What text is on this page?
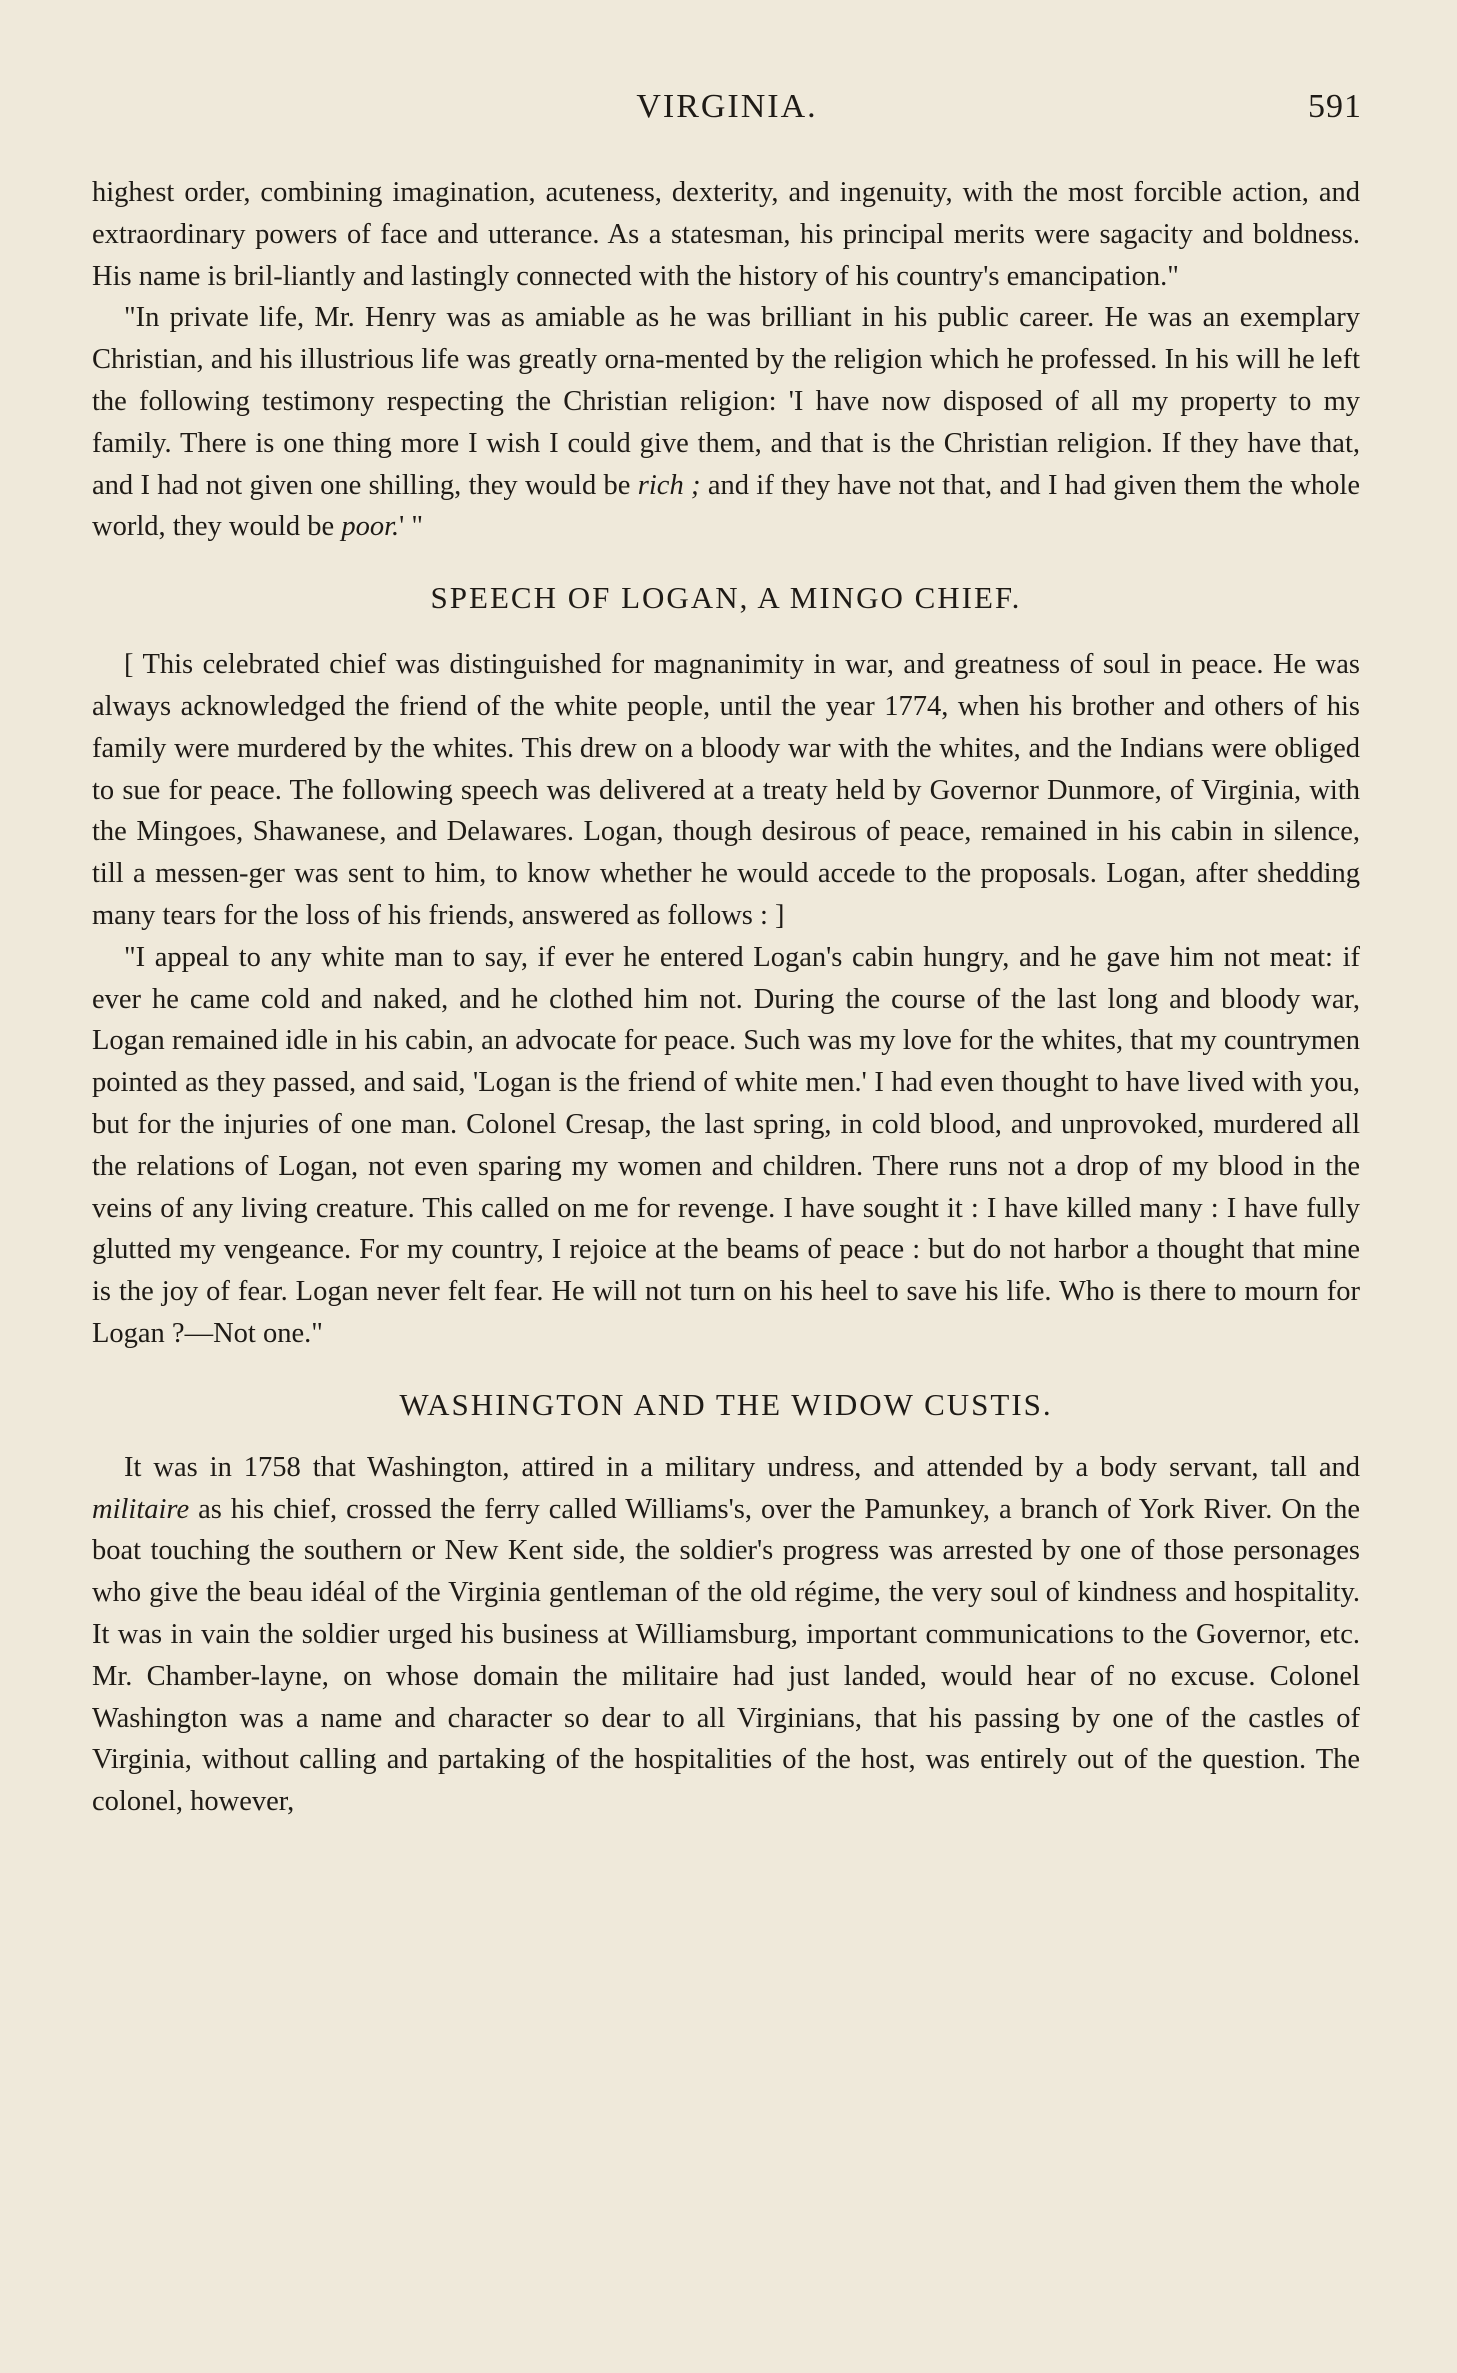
VIRGINIA.	591

highest order, combining imagination, acuteness, dexterity, and ingenuity, with the most forcible action, and extraordinary powers of face and utterance. As a statesman, his principal merits were sagacity and boldness. His name is bril-liantly and lastingly connected with the history of his country's emancipation."

"In private life, Mr. Henry was as amiable as he was brilliant in his public career. He was an exemplary Christian, and his illustrious life was greatly orna-mented by the religion which he professed. In his will he left the following testimony respecting the Christian religion: 'I have now disposed of all my property to my family. There is one thing more I wish I could give them, and that is the Christian religion. If they have that, and I had not given one shilling, they would be rich ; and if they have not that, and I had given them the whole world, they would be poor.' "

SPEECH OF LOGAN, A MINGO CHIEF.

[ This celebrated chief was distinguished for magnanimity in war, and greatness of soul in peace. He was always acknowledged the friend of the white people, until the year 1774, when his brother and others of his family were murdered by the whites. This drew on a bloody war with the whites, and the Indians were obliged to sue for peace. The following speech was delivered at a treaty held by Governor Dunmore, of Virginia, with the Mingoes, Shawanese, and Delawares. Logan, though desirous of peace, remained in his cabin in silence, till a messen-ger was sent to him, to know whether he would accede to the proposals. Logan, after shedding many tears for the loss of his friends, answered as follows : ]

"I appeal to any white man to say, if ever he entered Logan's cabin hungry, and he gave him not meat: if ever he came cold and naked, and he clothed him not. During the course of the last long and bloody war, Logan remained idle in his cabin, an advocate for peace. Such was my love for the whites, that my countrymen pointed as they passed, and said, 'Logan is the friend of white men.' I had even thought to have lived with you, but for the injuries of one man. Colonel Cresap, the last spring, in cold blood, and unprovoked, murdered all the relations of Logan, not even sparing my women and children. There runs not a drop of my blood in the veins of any living creature. This called on me for revenge. I have sought it : I have killed many : I have fully glutted my vengeance. For my country, I rejoice at the beams of peace : but do not harbor a thought that mine is the joy of fear. Logan never felt fear. He will not turn on his heel to save his life. Who is there to mourn for Logan ?—Not one."

WASHINGTON AND THE WIDOW CUSTIS.

It was in 1758 that Washington, attired in a military undress, and attended by a body servant, tall and militaire as his chief, crossed the ferry called Williams's, over the Pamunkey, a branch of York River. On the boat touching the southern or New Kent side, the soldier's progress was arrested by one of those personages who give the beau idéal of the Virginia gentleman of the old régime, the very soul of kindness and hospitality. It was in vain the soldier urged his business at Williamsburg, important communications to the Governor, etc. Mr. Chamber-layne, on whose domain the militaire had just landed, would hear of no excuse. Colonel Washington was a name and character so dear to all Virginians, that his passing by one of the castles of Virginia, without calling and partaking of the hospitalities of the host, was entirely out of the question. The colonel, however,
